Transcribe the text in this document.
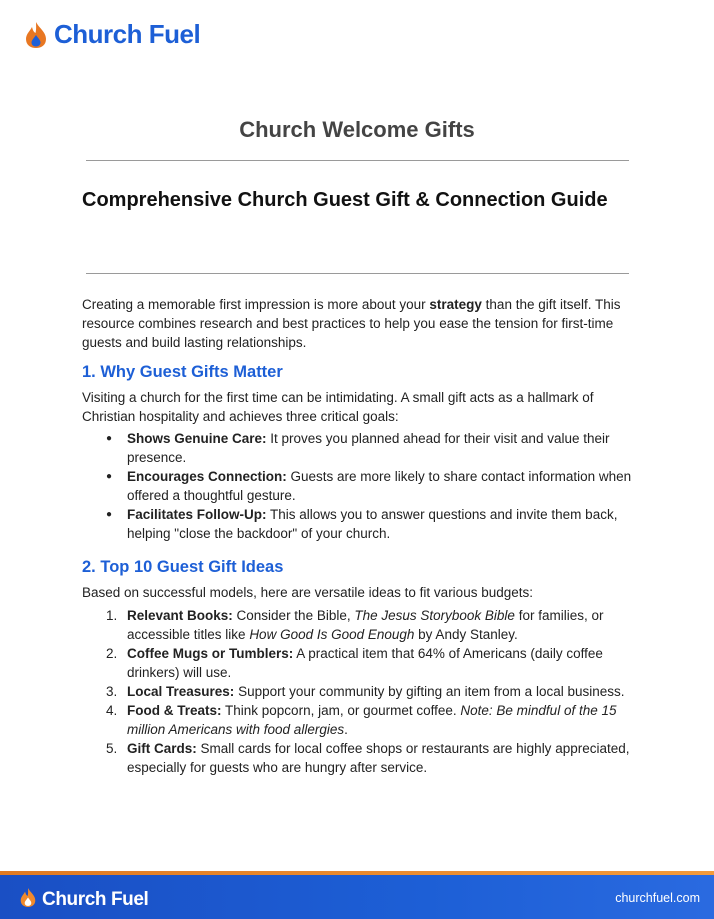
Church Fuel
Church Welcome Gifts
Comprehensive Church Guest Gift & Connection Guide

Creating a memorable first impression is more about your strategy than the gift itself. This resource combines research and best practices to help you ease the tension for first-time guests and build lasting relationships.

1. Why Guest Gifts Matter

Visiting a church for the first time can be intimidating. A small gift acts as a hallmark of Christian hospitality and achieves three critical goals:

● Shows Genuine Care: It proves you planned ahead for their visit and value their presence.
● Encourages Connection: Guests are more likely to share contact information when offered a thoughtful gesture.
● Facilitates Follow-Up: This allows you to answer questions and invite them back, helping "close the backdoor" of your church.
2. Top 10 Guest Gift Ideas

Based on successful models, here are versatile ideas to fit various budgets:

1. Relevant Books: Consider the Bible, The Jesus Storybook Bible for families, or accessible titles like How Good Is Good Enough by Andy Stanley.
2. Coffee Mugs or Tumblers: A practical item that 64% of Americans (daily coffee drinkers) will use.
3. Local Treasures: Support your community by gifting an item from a local business.
4. Food & Treats: Think popcorn, jam, or gourmet coffee. Note: Be mindful of the 15 million Americans with food allergies.
5. Gift Cards: Small cards for local coffee shops or restaurants are highly appreciated, especially for guests who are hungry after service.
Church Fuel	churchfuel.com
